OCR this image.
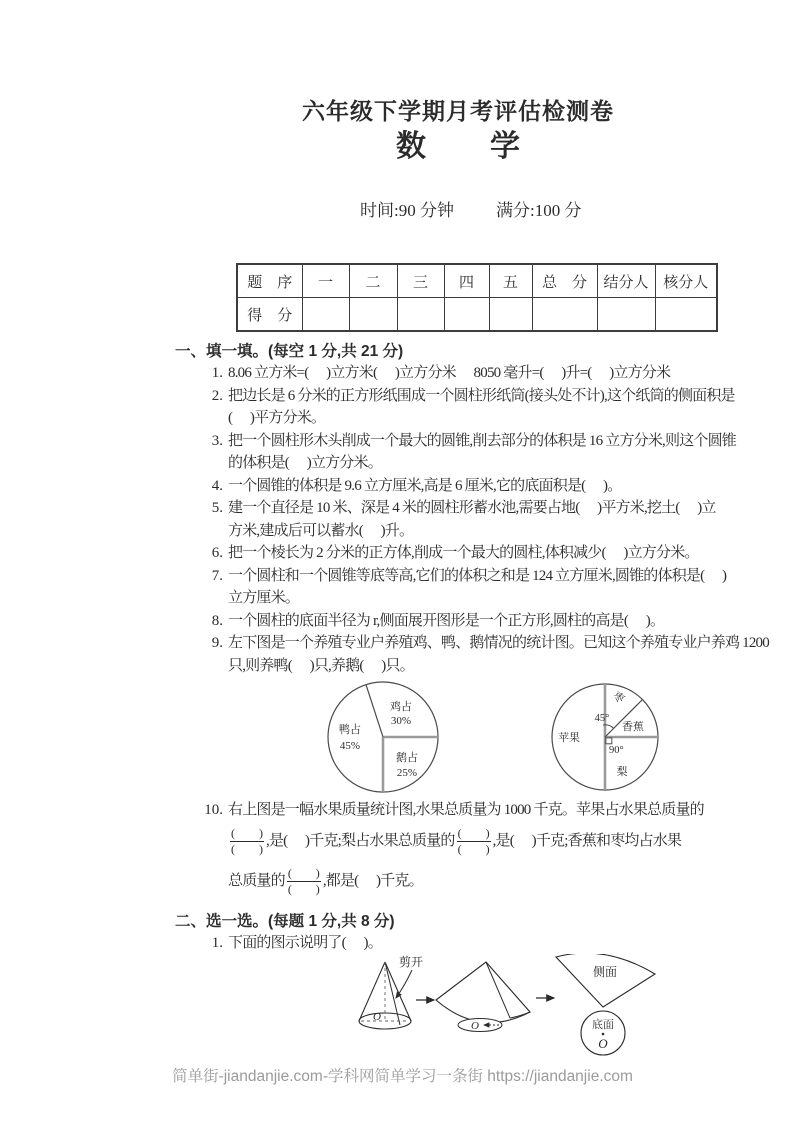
六年级下学期月考评估检测卷
数 学

时间:90 分钟 满分:100 分

题　序	一	二	三	四	五	总　分	结分人	核分人
得　分								
一、填一填。(每空 1 分,共 21 分)
1. 8.06 立方米=(      )立方米(      )立方分米      8050 毫升=(      )升=(      )立方分米
2. 把边长是 6 分米的正方形纸围成一个圆柱形纸筒(接头处不计),这个纸筒的侧面积是
(      )平方分米。
3. 把一个圆柱形木头削成一个最大的圆锥,削去部分的体积是 16 立方分米,则这个圆锥
的体积是(      )立方分米。
4. 一个圆锥的体积是 9.6 立方厘米,高是 6 厘米,它的底面积是(      )。
5. 建一个直径是 10 米、深是 4 米的圆柱形蓄水池,需要占地(      )平方米,挖土(      )立
方米,建成后可以蓄水(      )升。
6. 把一个棱长为 2 分米的正方体,削成一个最大的圆柱,体积减少(      )立方分米。
7. 一个圆柱和一个圆锥等底等高,它们的体积之和是 124 立方厘米,圆锥的体积是(      )
立方厘米。
8. 一个圆柱的底面半径为 r,侧面展开图形是一个正方形,圆柱的高是(      )。
9. 左下图是一个养殖专业户养殖鸡、鸭、鹅情况的统计图。已知这个养殖专业户养鸡 1200
只,则养鸭(      )只,养鹅(      )只。
鸡占
30%
鸭占
45%
鹅占
25%
苹果
枣
香蕉
梨
45°
90°
10. 右上图是一幅水果质量统计图,水果总质量为 1000 千克。苹果占水果总质量的
$\frac{( )}{( )}$ ,是(      )千克;梨占水果总质量的 $\frac{( )}{( )}$ ,是(      )千克;香蕉和枣均占水果
总质量的 $\frac{( )}{( )}$ ,都是(      )千克。
二、选一选。(每题 1 分,共 8 分)
1. 下面的图示说明了(      )。
O
剪开
O
侧面
底面
O
简单街-jiandanjie.com-学科网简单学习一条街 https://jiandanjie.com
